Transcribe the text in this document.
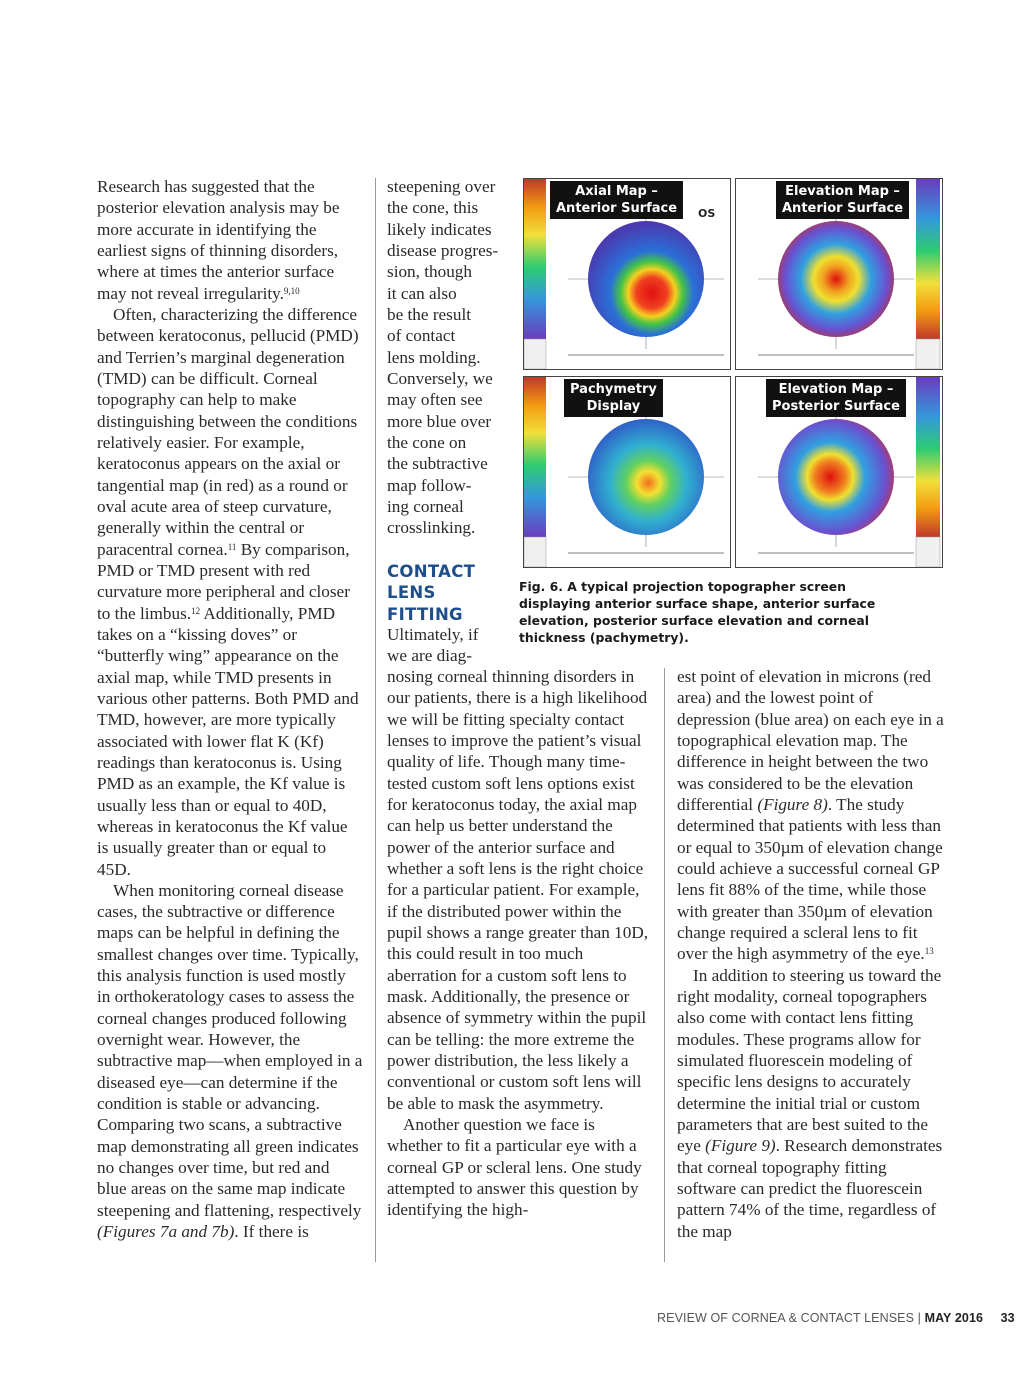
Research has suggested that the posterior elevation analysis may be more accurate in identifying the earliest signs of thinning disorders, where at times the anterior surface may not reveal irregularity.$^{9,10}$

Often, characterizing the difference between keratoconus, pellucid (PMD) and Terrien’s marginal degeneration (TMD) can be difficult. Corneal topography can help to make distinguishing between the conditions relatively easier. For example, keratoconus appears on the axial or tangential map (in red) as a round or oval acute area of steep curvature, generally within the central or paracentral cornea.$^{11}$ By comparison, PMD or TMD present with red curvature more peripheral and closer to the limbus.$^{12}$ Additionally, PMD takes on a “kissing doves” or “butterfly wing” appearance on the axial map, while TMD presents in various other patterns. Both PMD and TMD, however, are more typically associated with lower flat K (Kf) readings than keratoconus is. Using PMD as an example, the Kf value is usually less than or equal to 40D, whereas in keratoconus the Kf value is usually greater than or equal to 45D.

When monitoring corneal disease cases, the subtractive or difference maps can be helpful in defining the smallest changes over time. Typically, this analysis function is used mostly in orthokeratology cases to assess the corneal changes produced following overnight wear. However, the subtractive map—when employed in a diseased eye—can determine if the condition is stable or advancing. Comparing two scans, a subtractive map demonstrating all green indicates no changes over time, but red and blue areas on the same map indicate steepening and flattening, respectively (Figures 7a and 7b). If there is

steepening over
the cone, this
likely indicates
disease progres-
sion, though
it can also
be the result
of contact
lens molding.
Conversely, we
may often see
more blue over
the cone on
the subtractive
map follow-
ing corneal
crosslinking.
CONTACT
LENS
FITTING
Ultimately, if
we are diag-

nosing corneal thinning disorders in our patients, there is a high likelihood we will be fitting specialty contact lenses to improve the patient’s visual quality of life. Though many time-tested custom soft lens options exist for keratoconus today, the axial map can help us better understand the power of the anterior surface and whether a soft lens is the right choice for a particular patient. For example, if the distributed power within the pupil shows a range greater than 10D, this could result in too much aberration for a custom soft lens to mask. Additionally, the presence or absence of symmetry within the pupil can be telling: the more extreme the power distribution, the less likely a conventional or custom soft lens will be able to mask the asymmetry.

Another question we face is whether to fit a particular eye with a corneal GP or scleral lens. One study attempted to answer this question by identifying the high-

est point of elevation in microns (red area) and the lowest point of depression (blue area) on each eye in a topographical elevation map. The difference in height between the two was considered to be the elevation differential (Figure 8). The study determined that patients with less than or equal to 350µm of elevation change could achieve a successful corneal GP lens fit 88% of the time, while those with greater than 350µm of elevation change required a scleral lens to fit over the high asymmetry of the eye.$^{13}$

In addition to steering us toward the right modality, corneal topographers also come with contact lens fitting modules. These programs allow for simulated fluorescein modeling of specific lens designs to accurately determine the initial trial or custom parameters that are best suited to the eye (Figure 9). Research demonstrates that corneal topography fitting software can predict the fluorescein pattern 74% of the time, regardless of the map

Axial Map –
Anterior Surface OS
Elevation Map –
Anterior Surface
Pachymetry
Display
Elevation Map –
Posterior Surface
Fig. 6. A typical projection topographer screen displaying anterior surface shape, anterior surface elevation, posterior surface elevation and corneal thickness (pachymetry).
REVIEW OF CORNEA & CONTACT LENSES | MAY 2016 33
